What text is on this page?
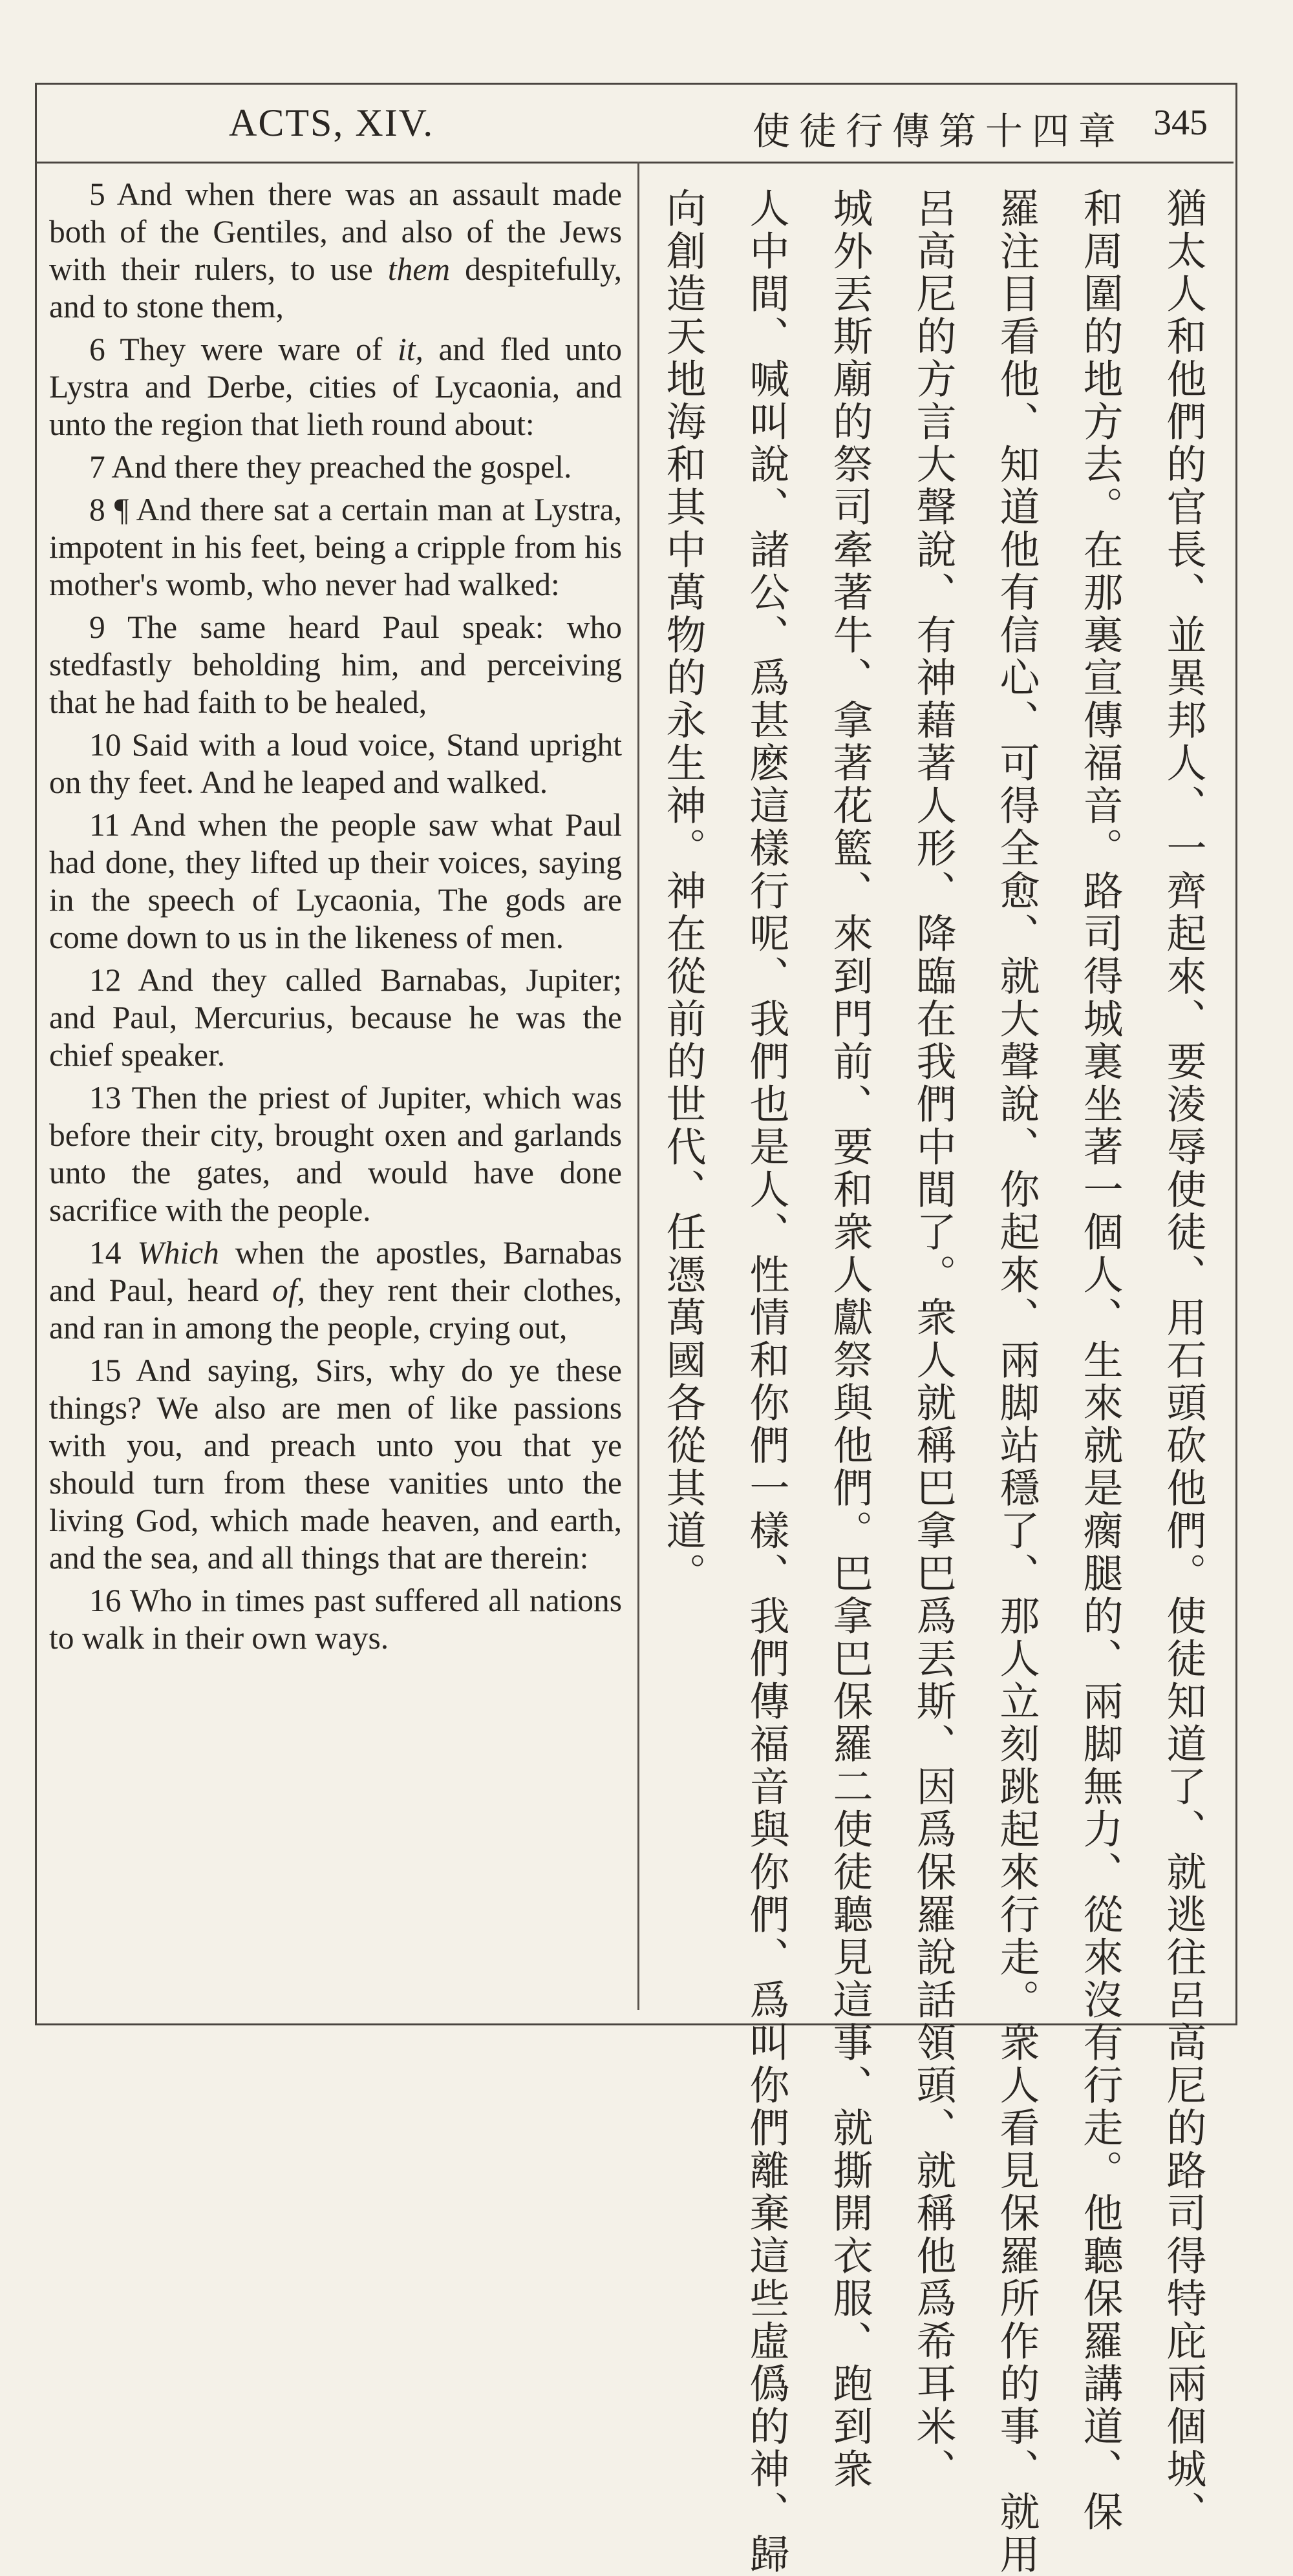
ACTS, XIV.	使徒行傳第十四章 345

5 And when there was an assault made both of the Gentiles, and also of the Jews with their rulers, to use them despitefully, and to stone them,

6 They were ware of it, and fled unto Lystra and Derbe, cities of Lycaonia, and unto the region that lieth round about:

7 And there they preached the gospel.

8 ¶ And there sat a certain man at Lystra, impotent in his feet, being a cripple from his mother's womb, who never had walked:

9 The same heard Paul speak: who stedfastly beholding him, and perceiving that he had faith to be healed,

10 Said with a loud voice, Stand upright on thy feet. And he leaped and walked.

11 And when the people saw what Paul had done, they lifted up their voices, saying in the speech of Lycaonia, The gods are come down to us in the likeness of men.

12 And they called Barnabas, Jupiter; and Paul, Mercurius, because he was the chief speaker.

13 Then the priest of Jupiter, which was before their city, brought oxen and garlands unto the gates, and would have done sacrifice with the people.

14 Which when the apostles, Barnabas and Paul, heard of, they rent their clothes, and ran in among the people, crying out,

15 And saying, Sirs, why do ye these things? We also are men of like passions with you, and preach unto you that ye should turn from these vanities unto the living God, which made heaven, and earth, and the sea, and all things that are therein:

16 Who in times past suffered all nations to walk in their own ways.	猶太人和他們的官長、並異邦人、一齊起來、要淩辱使徒、用石頭砍他們。使徒知道了、就逃往呂高尼的路司得特庇兩個城、
和周圍的地方去。在那裏宣傳福音。路司得城裏坐著一個人、生來就是瘸腿的、兩脚無力、從來沒有行走。他聽保羅講道、保
羅注目看他、知道他有信心、可得全愈、就大聲說、你起來、兩脚站穩了、那人立刻跳起來行走。衆人看見保羅所作的事、就用
呂高尼的方言大聲說、有神藉著人形、降臨在我們中間了。衆人就稱巴拿巴爲丟斯、因爲保羅說話領頭、就稱他爲希耳米、
城外丟斯廟的祭司牽著牛、拿著花籃、來到門前、要和衆人獻祭與他們。巴拿巴保羅二使徒聽見這事、就撕開衣服、跑到衆
人中間、喊叫說、諸公、爲甚麽這樣行呢、我們也是人、性情和你們一樣、我們傳福音與你們、爲叫你們離棄這些虛僞的神、歸
向創造天地海和其中萬物的永生神。神在從前的世代、任憑萬國各從其道。
